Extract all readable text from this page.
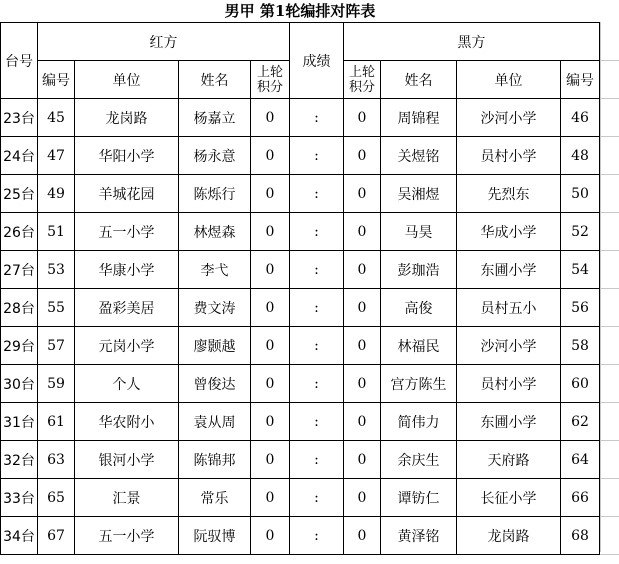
男甲 第1轮编排对阵表
台号	红方				成绩	黑方			
	编号	单位	姓名	上轮积分		上轮积分	姓名	单位	编号
23台	45	龙岗路	杨嘉立	0	:	0	周锦程	沙河小学	46
24台	47	华阳小学	杨永意	0	:	0	关煜铭	员村小学	48
25台	49	羊城花园	陈烁行	0	:	0	吴湘煜	先烈东	50
26台	51	五一小学	林煜森	0	:	0	马昊	华成小学	52
27台	53	华康小学	李弋	0	:	0	彭珈浩	东圃小学	54
28台	55	盈彩美居	费文涛	0	:	0	高俊	员村五小	56
29台	57	元岗小学	廖颢越	0	:	0	林福民	沙河小学	58
30台	59	个人	曾俊达	0	:	0	宫方陈生	员村小学	60
31台	61	华农附小	袁从周	0	:	0	简伟力	东圃小学	62
32台	63	银河小学	陈锦邦	0	:	0	余庆生	天府路	64
33台	65	汇景	常乐	0	:	0	谭钫仁	长征小学	66
34台	67	五一小学	阮驭博	0	:	0	黄泽铭	龙岗路	68
